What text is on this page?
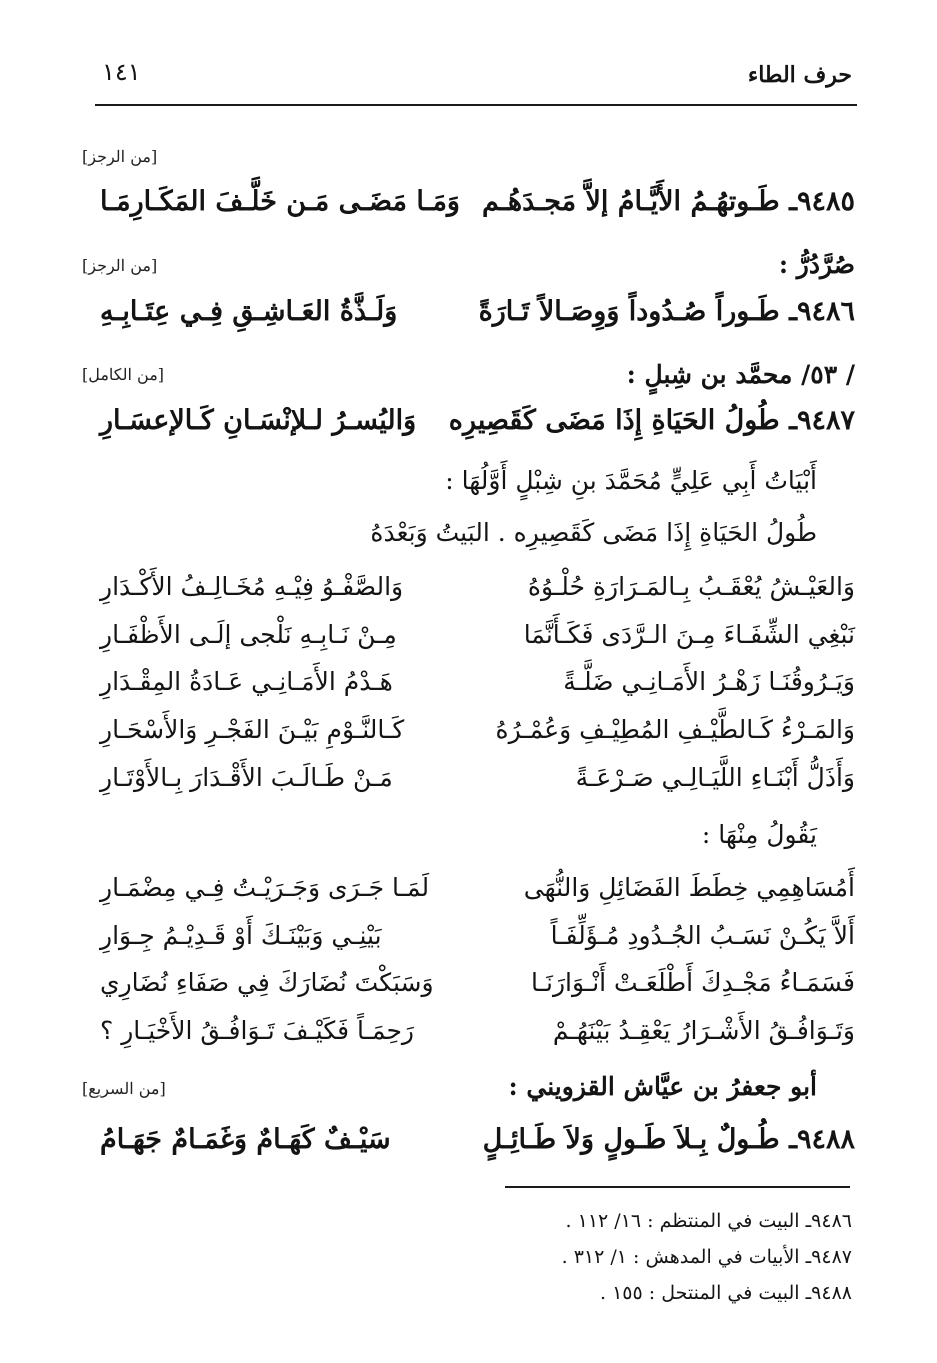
حرف الطاء
١٤١
[من الرجز]
٩٤٨٥ـ طَـوتهُـمُ الأَيَّـامُ إلاَّ مَجـدَهُـم
وَمَـا مَضَـى مَـن خَلَّـفَ المَكَـارِمَـا
صُرَّدُرُّ :
[من الرجز]
٩٤٨٦ـ طَـوراً صُـدُوداً وَوِصَـالاً تَـارَةً
وَلَـذَّةُ العَـاشِـقِ فِـي عِتَـابِـهِ
/ ٥٣/ محمَّد بن شِبلٍ :
[من الكامل]
٩٤٨٧ـ طُولُ الحَيَاةِ إِذَا مَضَى كَقَصِيرِه
وَاليُسـرُ لـلإنْسَـانِ كَـالإعسَـارِ
أَبْيَاتُ أَبِي عَلِيٍّ مُحَمَّدَ بنِ شِبْلٍ أَوَّلُهَا :
طُولُ الحَيَاةِ إِذَا مَضَى كَقَصِيرِه . البَيتُ وَبَعْدَهُ
وَالعَيْـشُ يُعْقَـبُ بِـالمَـرَارَةِ حُلْـوُهُ
وَالصَّفْـوُ فِيْـهِ مُخَـالِـفُ الأَكْـدَارِ
نَبْغِي الشِّفَـاءَ مِـنَ الـرَّدَى فَكَـأَنَّمَا
مِـنْ نَـابِـهِ نَلْجى إلَـى الأَظْفَـارِ
وَيَـرُوقُنَـا زَهْـرُ الأَمَـانِـي ضَلَّـةً
هَـدْمُ الأَمَـانِـي عَـادَةُ المِقْـدَارِ
وَالمَـرْءُ كَـالطَّيْـفِ المُطِيْـفِ وَعُمْـرُهُ
كَـالنَّـوْمِ بَيْـنَ الفَجْـرِ وَالأَسْحَـارِ
وَأَذَلُّ أَبْنَـاءِ اللَّيَـالِـي صَـرْعَـةً
مَـنْ طَـالَـبَ الأَقْـدَارَ بِـالأَوْتَـارِ
يَقُولُ مِنْهَا :
أَمُسَاهِمِي خِطَطَ الفَضَائِلِ وَالنُّهَى
لَمَـا جَـرَى وَجَـرَيْـتُ فِـي مِضْمَـارِ
أَلاَّ يَكُـنْ نَسَـبُ الجُـدُودِ مُـؤَلِّفَـاً
بَيْنِـي وَبَيْنَـكَ أَوْ قَـدِيْـمُ جِـوَارِ
فَسَمَـاءُ مَجْـدِكَ أَطْلَعَـتْ أَنْـوَارَنَـا
وَسَبَكْتَ نُضَارَكَ فِي صَفَاءِ نُضَارِي
وَتَـوَافُـقُ الأَشْـرَارُ يَعْقِـدُ بَيْنَهُـمْ
رَحِمَـاً فَكَيْـفَ تَـوَافُـقُ الأَخْيَـارِ ؟
أبو جعفرُ بن عيَّاش القزويني :
[من السريع]
٩٤٨٨ـ طُـولٌ بِـلاَ طَـولٍ وَلاَ طَـائِـلٍ
سَيْـفٌ كَهَـامٌ وَغَمَـامٌ جَهَـامُ
٩٤٨٦ـ البيت في المنتظم : ١٦/ ١١٢ .
٩٤٨٧ـ الأبيات في المدهش : ١/ ٣١٢ .
٩٤٨٨ـ البيت في المنتحل : ١٥٥ .
